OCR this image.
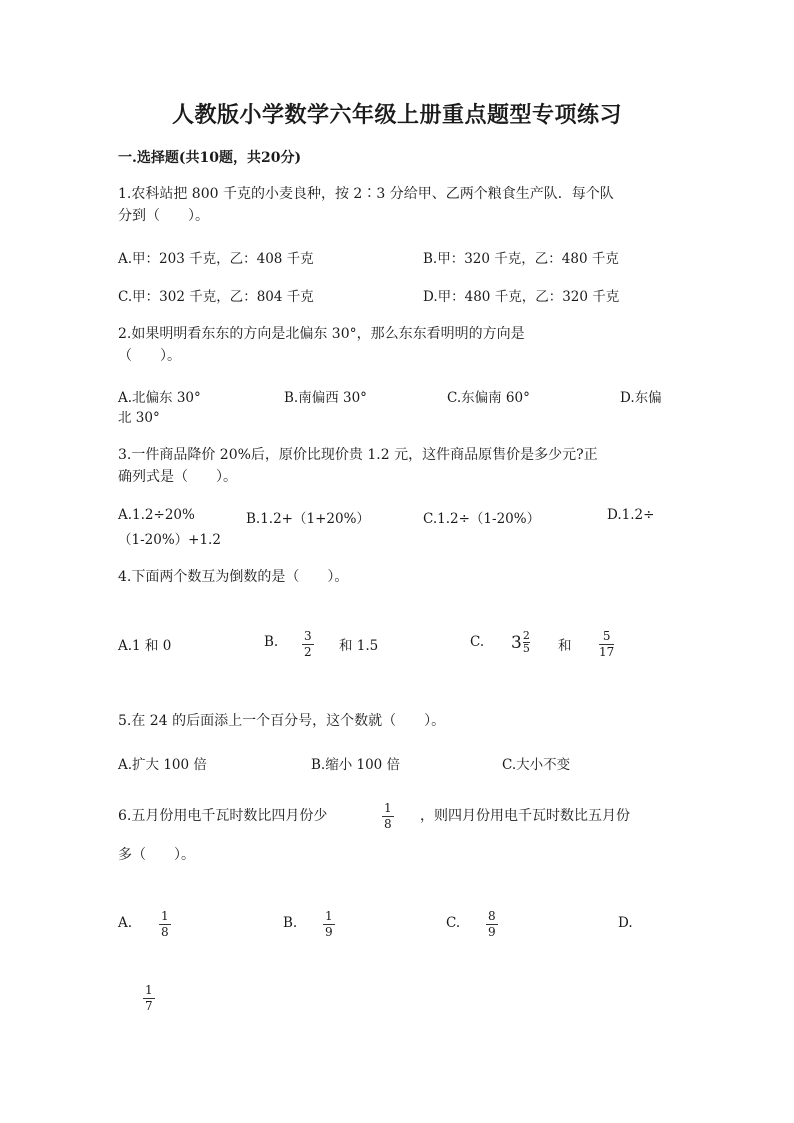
人教版小学数学六年级上册重点题型专项练习
一.选择题(共10题，共20分)
1.农科站把 800 千克的小麦良种，按 2∶3 分给甲、乙两个粮食生产队．每个队
分到（　　）。
A.甲：203 千克，乙：408 千克	B.甲：320 千克，乙：480 千克
C.甲：302 千克，乙：804 千克	D.甲：480 千克，乙：320 千克
2.如果明明看东东的方向是北偏东 30°，那么东东看明明的方向是
（　　）。
A.北偏东 30°	B.南偏西 30°	C.东偏南 60°	D.东偏
北 30°
3.一件商品降价 20%后，原价比现价贵 1.2 元，这件商品原售价是多少元?正
确列式是（　　）。
A.1.2÷20%	B.1.2+（1+20%）	C.1.2÷（1-20%）	D.1.2÷
（1-20%）+1.2
4.下面两个数互为倒数的是（　　）。
A.1 和 0	B. 3
2 和 1.5	C. 3 2
5 和
5
17
5.在 24 的后面添上一个百分号，这个数就（　　）。
A.扩大 100 倍	B.缩小 100 倍	C.大小不变
6.五月份用电千瓦时数比四月份少	1
8 ，则四月份用电千瓦时数比五月份
多（　　）。
A. 1
8
B. 1
9
C. 8
9
D.
1
7
